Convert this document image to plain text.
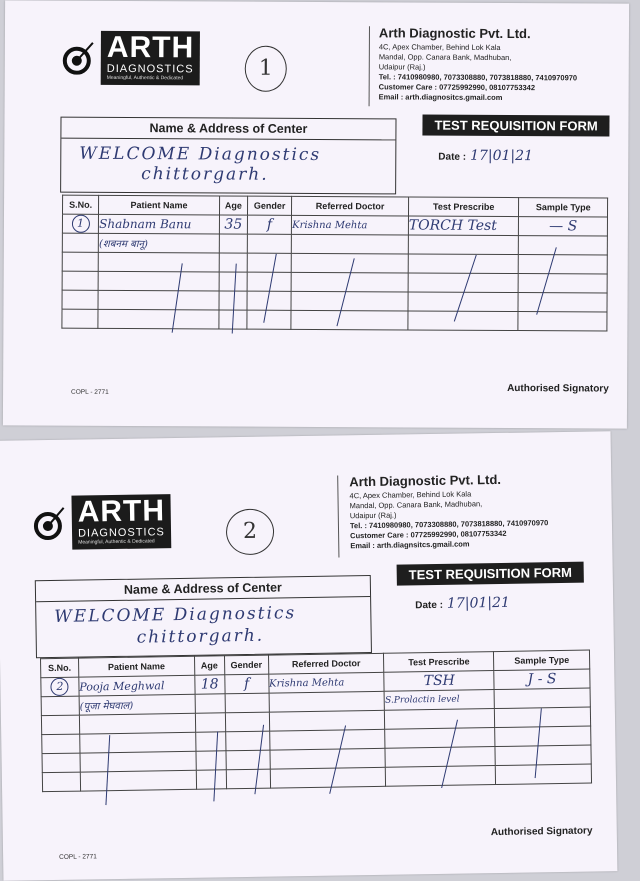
ARTH
DIAGNOSTICS
Meaningful, Authentic & Dedicated	1
Arth Diagnostic Pvt. Ltd.
4C, Apex Chamber, Behind Lok Kala
Mandal, Opp. Canara Bank, Madhuban,
Udaipur (Raj.)
Tel. : 7410980980, 7073308880, 7073818880, 7410970970
Customer Care : 07725992990, 08107753342
Email : arth.diagnositcs.gmail.com
Name & Address of Center
WELCOME Diagnostics
chittorgarh.
TEST REQUISITION FORM
Date : 17|01|21
S.No.	Patient Name	Age	Gender	Referred Doctor	Test Prescribe	Sample Type
1	Shabnam Banu	35	f	Krishna Mehta	TORCH Test	— S
	(शबनम बानू)					

COPL - 2771	Authorised Signatory
ARTH
DIAGNOSTICS
Meaningful, Authentic & Dedicated	2
Arth Diagnostic Pvt. Ltd.
4C, Apex Chamber, Behind Lok Kala
Mandal, Opp. Canara Bank, Madhuban,
Udaipur (Raj.)
Tel. : 7410980980, 7073308880, 7073818880, 7410970970
Customer Care : 07725992990, 08107753342
Email : arth.diagnsitcs.gmail.com
Name & Address of Center
WELCOME Diagnostics
chittorgarh.
TEST REQUISITION FORM
Date : 17|01|21
S.No.	Patient Name	Age	Gender	Referred Doctor	Test Prescribe	Sample Type
2	Pooja Meghwal	18	f	Krishna Mehta	TSH	J - S
	(पूजा मेघवाल)				S.Prolactin level	

COPL - 2771
Authorised Signatory
